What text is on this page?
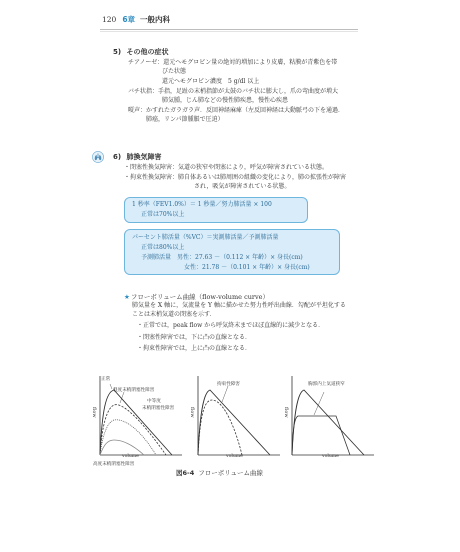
120 6章 一般内科
5) その他の症状
チアノーゼ：還元ヘモグロビン量の絶対的増加により皮膚，粘膜が青紫色を帯
びた状態
還元ヘモグロビン濃度　5 g/dl 以上
バチ状指：手指，足趾の末梢指節が太鼓のバチ状に膨大し，爪の弯曲度が増大
肺気腫，じん肺などの慢性肺疾患，慢性心疾患
嗄声：かすれたガラガラ声．反回神経麻痺（左反回神経は大動脈弓の下を通過．
肺癌，リンパ節腫脹で圧迫）
6) 肺換気障害
・閉塞性換気障害：気道の狭窄や閉塞により，呼気が障害されている状態。
・拘束性換気障害：肺自体あるいは肺周囲の組織の変化により，肺の拡張性が障害
され，吸気が障害されている状態。
1 秒率（FEV1.0%）＝ 1 秒量／努力肺活量 × 100
正常は70%以上
パーセント肺活量（%VC）＝実測肺活量／予測肺活量
正常は80%以上
予測肺活量　男性：27.63 －（0.112 × 年齢）× 身長(cm)
女性：21.78 －（0.101 × 年齢）× 身長(cm)
★フローボリューム曲線（flow-volume curve）
肺気量を X 軸に，気流量を Y 軸に描かせた努力性呼出曲線．勾配が平坦化する
ことは末梢気道の閉塞を示す．
・正常では，peak flow から呼気終末までほぼ直線的に減少となる．
・閉塞性障害では，下に凸の直線となる．
・拘束性障害では，上に凸の直線となる．
正常
軽度末梢閉塞性障害
中等度
末梢閉塞性障害
flow
volume
高度末梢閉塞性障害
拘束性障害
flow
volume
胸郭内上気道狭窄
flow
volume
図6-4 フローボリューム曲線
